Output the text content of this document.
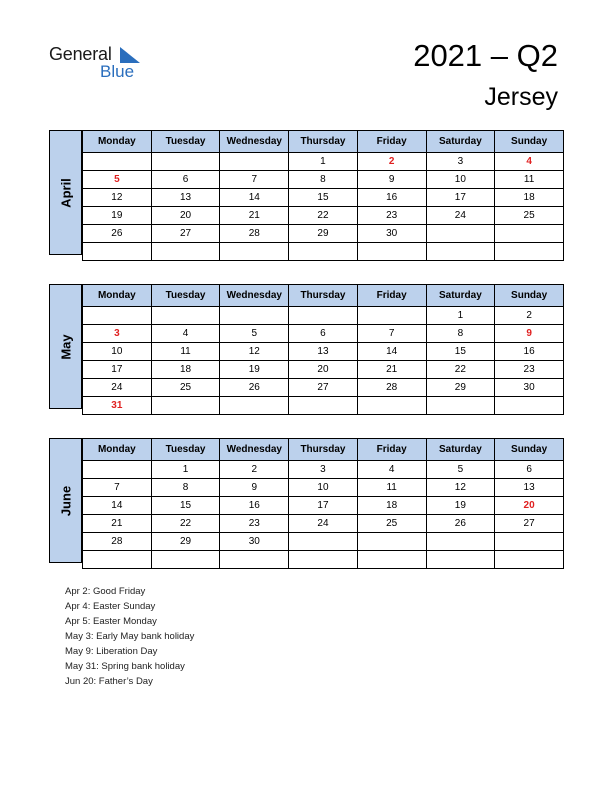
General
Blue	2021 – Q2
Jersey
April
Monday	Tuesday	Wednesday	Thursday	Friday	Saturday	Sunday
			1	2	3	4
5	6	7	8	9	10	11
12	13	14	15	16	17	18
19	20	21	22	23	24	25
26	27	28	29	30		

May
Monday	Tuesday	Wednesday	Thursday	Friday	Saturday	Sunday
					1	2
3	4	5	6	7	8	9
10	11	12	13	14	15	16
17	18	19	20	21	22	23
24	25	26	27	28	29	30
31						
June
Monday	Tuesday	Wednesday	Thursday	Friday	Saturday	Sunday
	1	2	3	4	5	6
7	8	9	10	11	12	13
14	15	16	17	18	19	20
21	22	23	24	25	26	27
28	29	30				

Apr 2: Good Friday
Apr 4: Easter Sunday
Apr 5: Easter Monday
May 3: Early May bank holiday
May 9: Liberation Day
May 31: Spring bank holiday
Jun 20: Father’s Day
